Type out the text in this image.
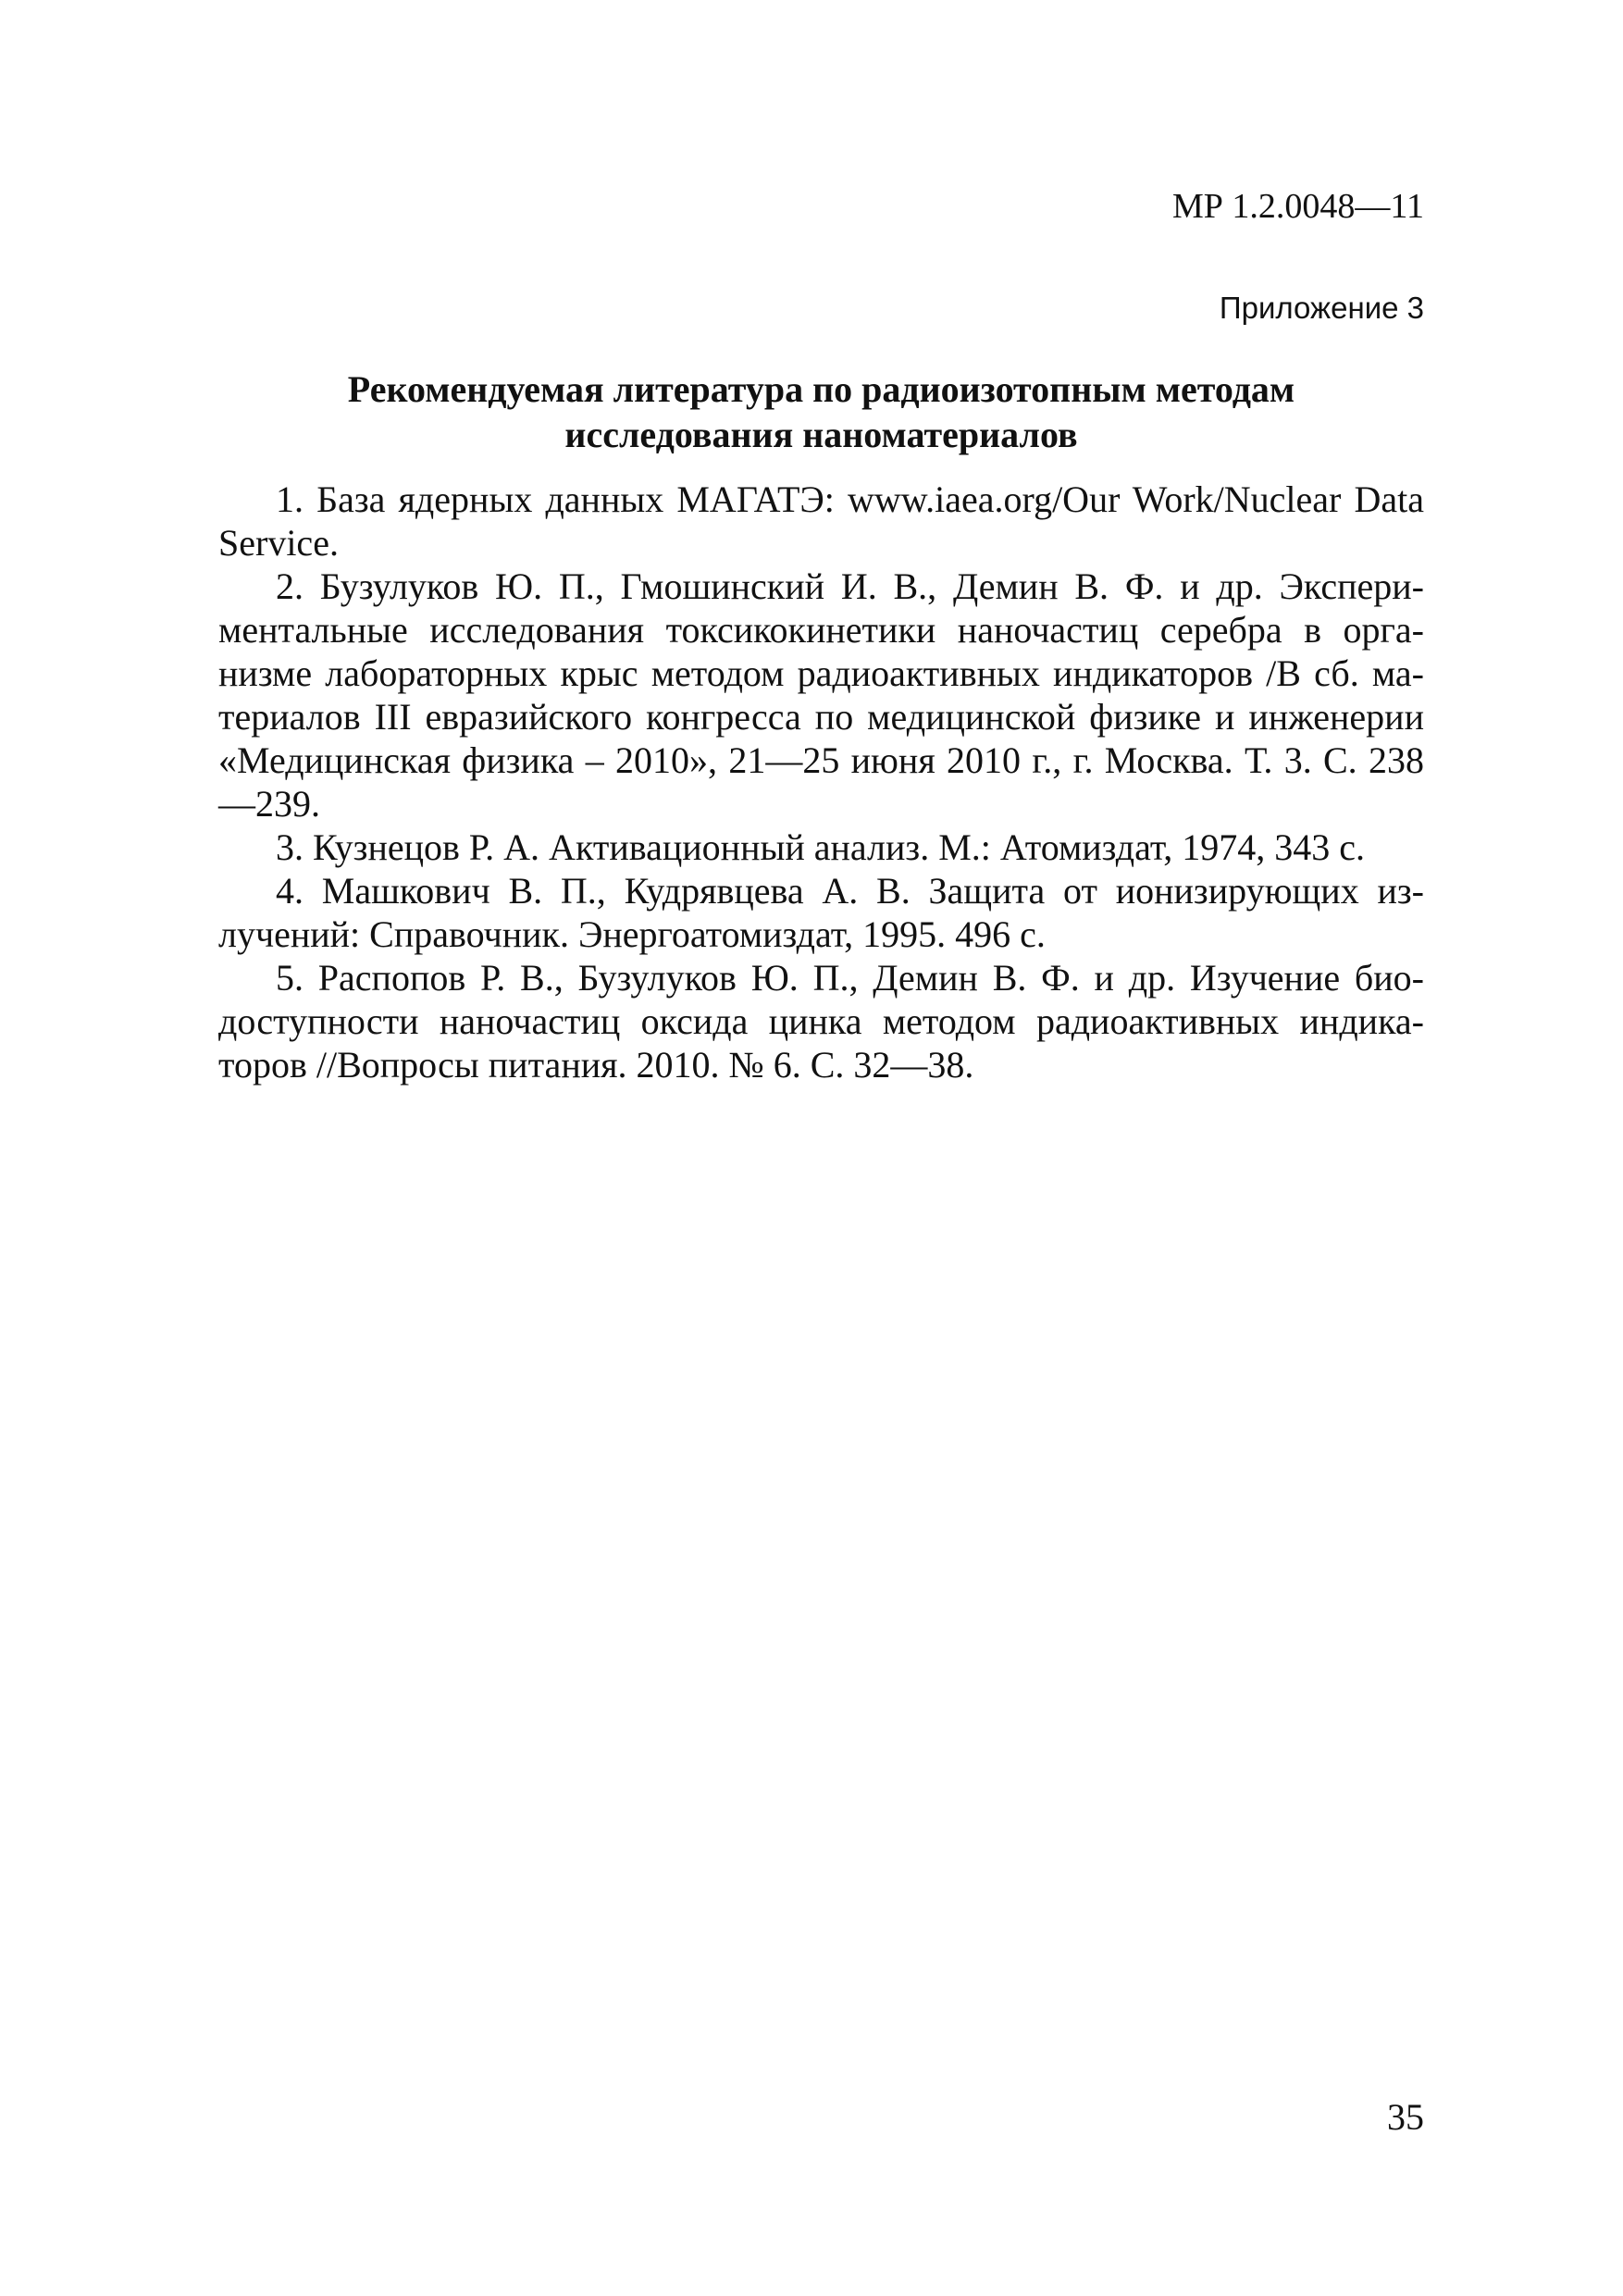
МР 1.2.0048—11
Приложение 3
Рекомендуемая литература по радиоизотопным методам
исследования наноматериалов
1. База ядерных данных МАГАТЭ: www.iaea.org/Our Work/Nuclear Data Service.
2. Бузулуков Ю. П., Гмошинский И. В., Демин В. Ф. и др. Экспериментальные исследования токсикокинетики наночастиц серебра в организме лабораторных крыс методом радиоактивных индикаторов /В сб. материалов III евразийского конгресса по медицинской физике и инженерии «Медицинская физика – 2010», 21—25 июня 2010 г., г. Москва. Т. 3. С. 238—239.
3. Кузнецов Р. А. Активационный анализ. М.: Атомиздат, 1974, 343 с.
4. Машкович В. П., Кудрявцева А. В. Защита от ионизирующих излучений: Справочник. Энергоатомиздат, 1995. 496 с.
5. Распопов Р. В., Бузулуков Ю. П., Демин В. Ф. и др. Изучение биодоступности наночастиц оксида цинка методом радиоактивных индикаторов //Вопросы питания. 2010. № 6. С. 32—38.
35
